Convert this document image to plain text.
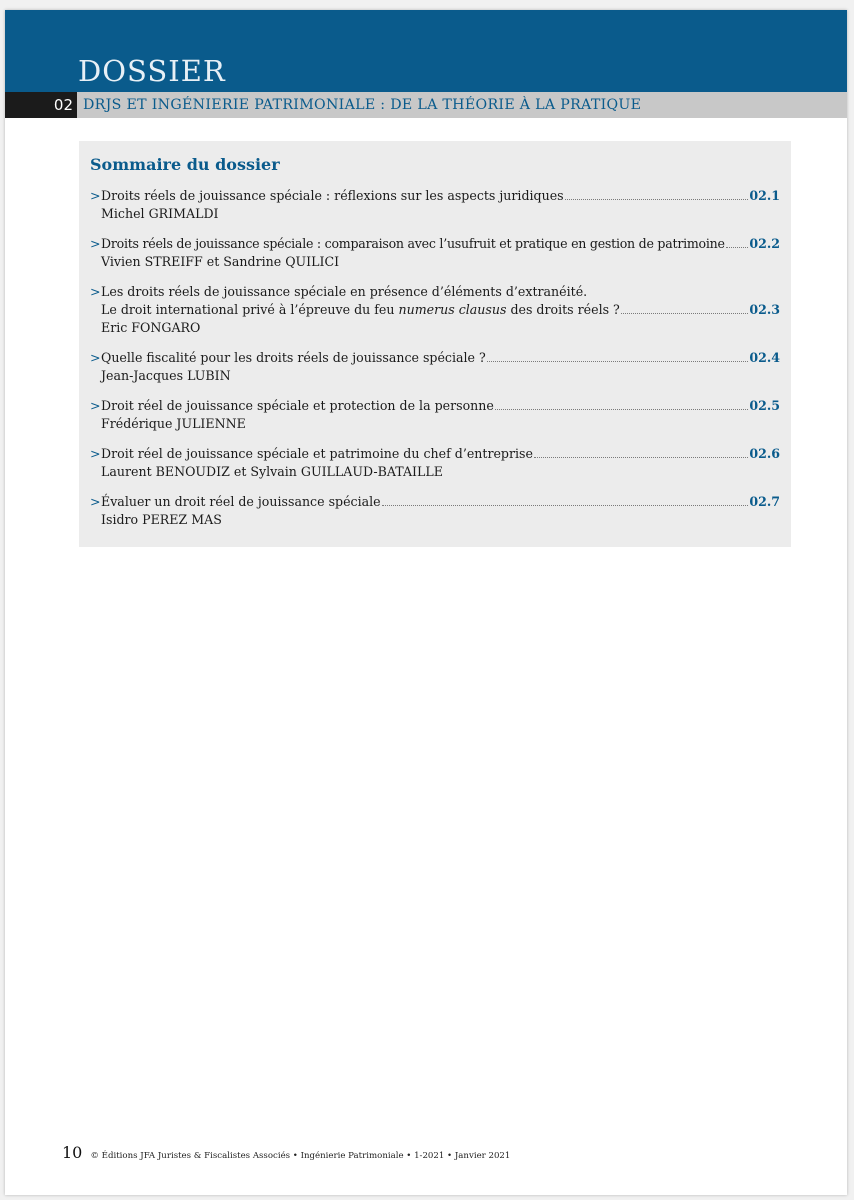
DOSSIER
02 DRJS ET INGÉNIERIE PATRIMONIALE : DE LA THÉORIE À LA PRATIQUE
Sommaire du dossier
> Droits réels de jouissance spéciale : réflexions sur les aspects juridiques	02.1
Michel GRIMALDI
> Droits réels de jouissance spéciale : comparaison avec l’usufruit et pratique en gestion de patrimoine 02.2
Vivien STREIFF et Sandrine QUILICI
> Les droits réels de jouissance spéciale en présence d’éléments d’extranéité.
Le droit international privé à l’épreuve du feu numerus clausus des droits réels ?	02.3
Eric FONGARO
> Quelle fiscalité pour les droits réels de jouissance spéciale ?	02.4
Jean-Jacques LUBIN
> Droit réel de jouissance spéciale et protection de la personne	02.5
Frédérique JULIENNE
> Droit réel de jouissance spéciale et patrimoine du chef d’entreprise	02.6
Laurent BENOUDIZ et Sylvain GUILLAUD-BATAILLE
> Évaluer un droit réel de jouissance spéciale	02.7
Isidro PEREZ MAS
10 © Éditions JFA Juristes & Fiscalistes Associés • Ingénierie Patrimoniale • 1-2021 • Janvier 2021
